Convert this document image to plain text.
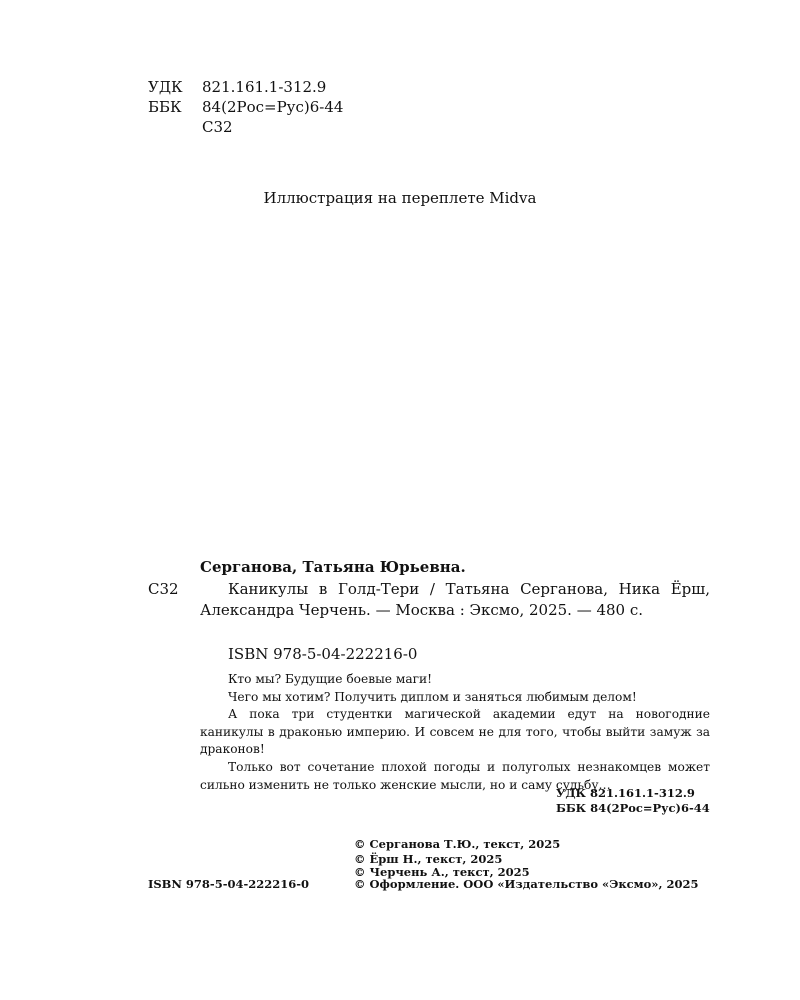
УДК 821.161.1-312.9
ББК 84(2Рос=Рус)6-44
С32
Иллюстрация на переплете Midva
Серганова, Татьяна Юрьевна.
С32	Каникулы в Голд-Тери / Татьяна Серганова, Ника Ёрш, Александра Черчень. — Москва : Эксмо, 2025. — 480 с.

ISBN 978-5-04-222216-0

Кто мы? Будущие боевые маги!

Чего мы хотим? Получить диплом и заняться любимым делом!

А пока три студентки магической академии едут на новогодние каникулы в драконью империю. И совсем не для того, чтобы выйти замуж за драконов!

Только вот сочетание плохой погоды и полуголых незнакомцев может сильно изменить не только женские мысли, но и саму судьбу…

УДК 821.161.1-312.9
ББК 84(2Рос=Рус)6-44
© Серганова Т.Ю., текст, 2025
© Ёрш Н., текст, 2025
© Черчень А., текст, 2025
© Оформление. ООО «Издательство «Эксмо», 2025
ISBN 978-5-04-222216-0
